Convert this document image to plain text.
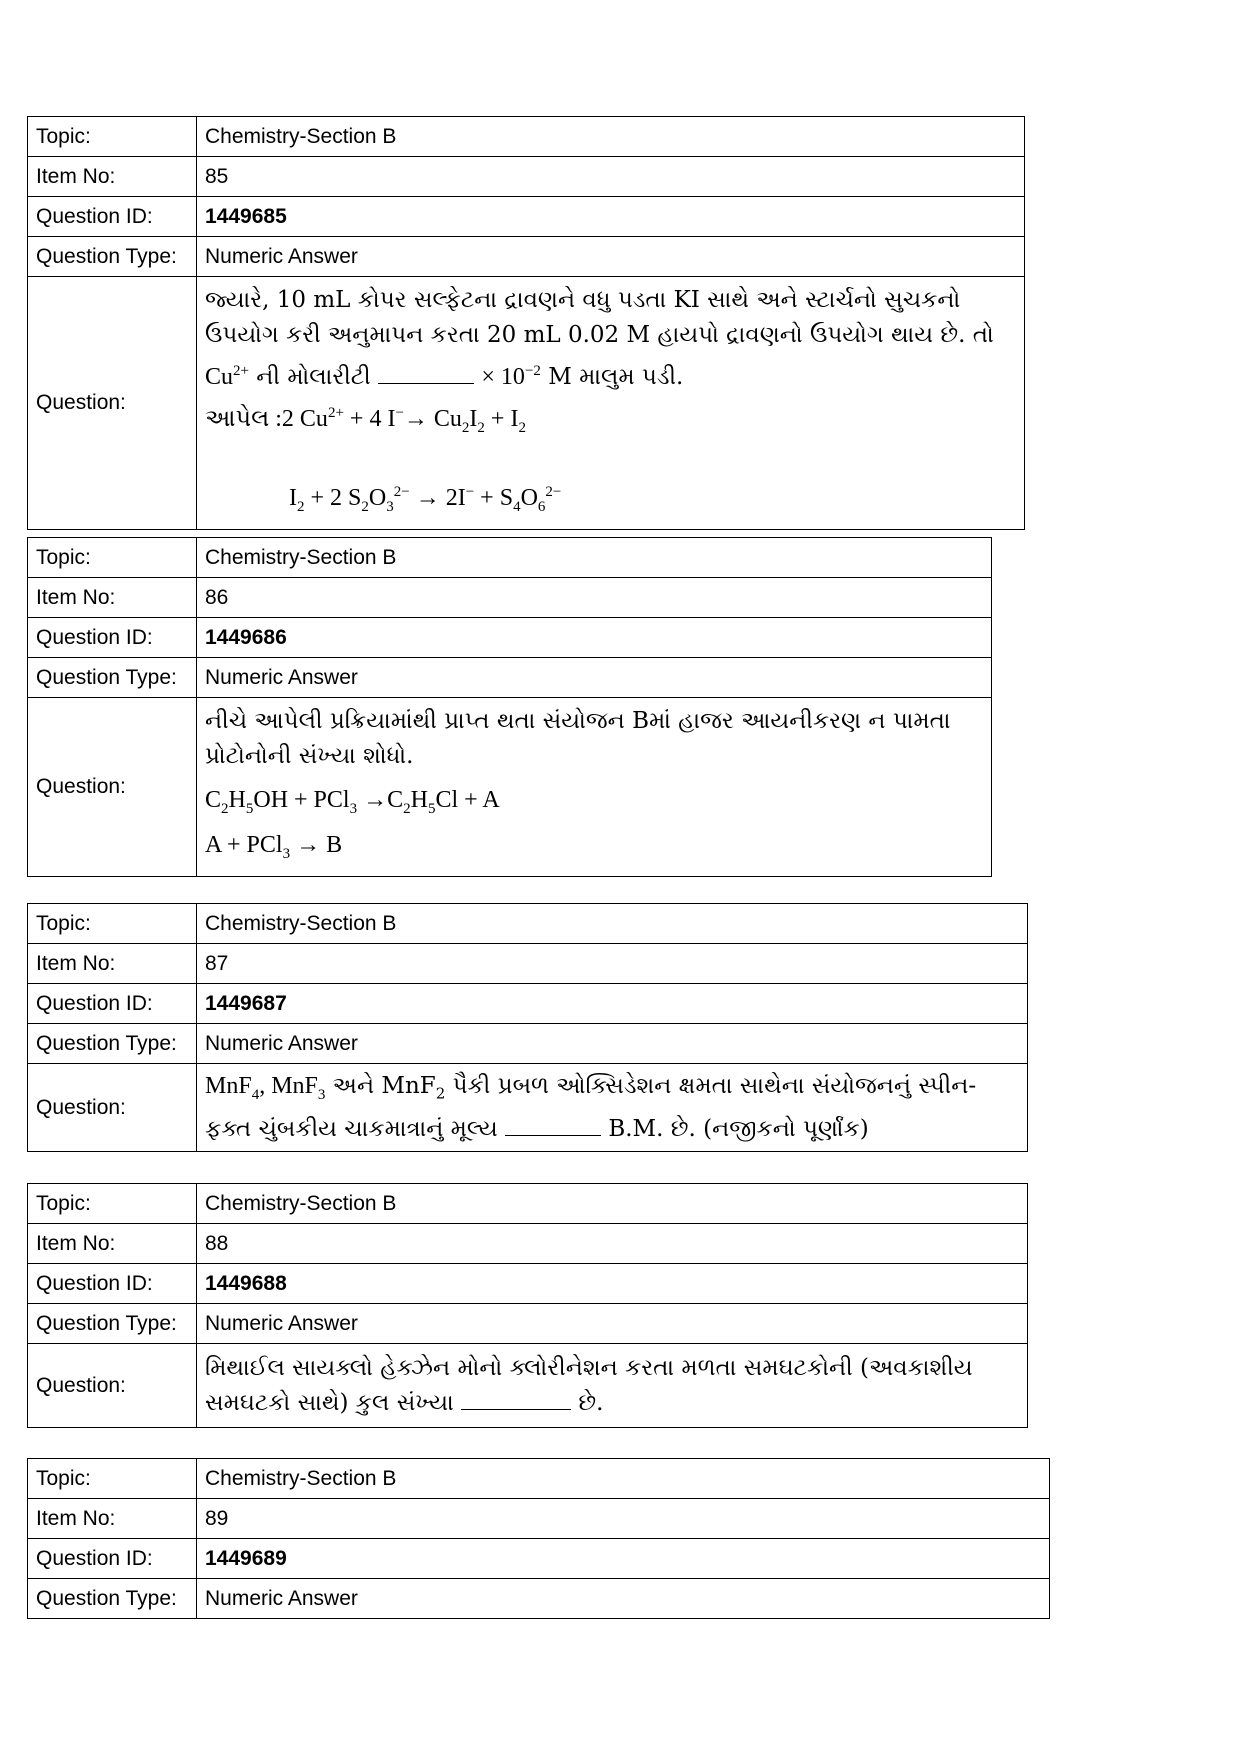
Topic:	Chemistry-Section B
Item No:	85
Question ID:	1449685
Question Type:	Numeric Answer
Question:	જ્યારે, 10 mL કોપર સલ્ફેટના દ્રાવણને વધુ પડતા KI સાથે અને સ્ટાર્ચનો સુચકનો ઉપયોગ કરી અનુમાપન કરતા 20 mL 0.02 M હાયપો દ્રાવણનો ઉપયોગ થાય છે. તો $Cu^{2+}$ ની મોલારીટી × $10^{-2}$ M માલુમ પડી.
આપેલ :2 $Cu^{2+} + 4$ $I^-\to Cu_2I_2 + I_2$
$I_2 + 2$ $S_2O_3^{2-} \to 2I^- + S_4O_6^{2-}$
Topic:	Chemistry-Section B
Item No:	86
Question ID:	1449686
Question Type:	Numeric Answer
Question:	નીચે આપેલી પ્રક્રિયામાંથી પ્રાપ્ત થતા સંયોજન Bમાં હાજર આયનીકરણ ન પામતા પ્રોટોનોની સંખ્યા શોધો.
$C_2H_5OH + PCl_3 \to C_2H_5Cl + A$
A + PCl$_3$ → B
Topic:	Chemistry-Section B
Item No:	87
Question ID:	1449687
Question Type:	Numeric Answer
Question:	MnF$_4$, MnF$_3$ અને MnF$_2$ પૈકી પ્રબળ ઓક્સિડેશન ક્ષમતા સાથેના સંયોજનનું સ્પીન-ફક્ત ચુંબકીય ચાકમાત્રાનું મૂલ્ય B.M. છે. (નજીકનો પૂર્ણાંક)
Topic:	Chemistry-Section B
Item No:	88
Question ID:	1449688
Question Type:	Numeric Answer
Question:	મિથાઈલ સાયક્લો હેક્ઝેન મોનો ક્લોરીનેશન કરતા મળતા સમઘટકોની (અવકાશીય સમઘટકો સાથે) કુલ સંખ્યા છે.
Topic:	Chemistry-Section B
Item No:	89
Question ID:	1449689
Question Type:	Numeric Answer
